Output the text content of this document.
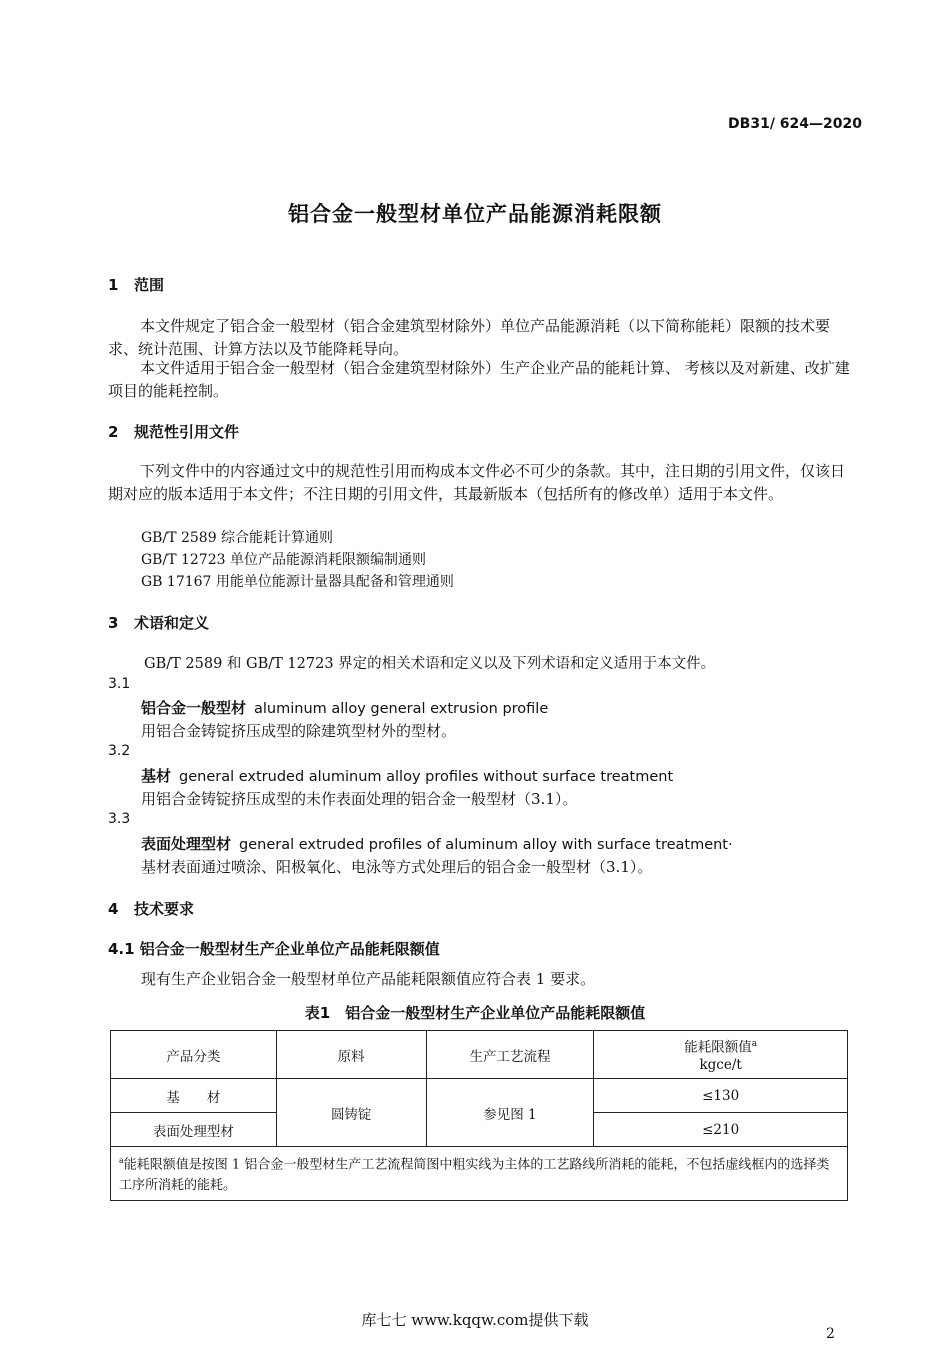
DB31/ 624—2020
铝合金一般型材单位产品能源消耗限额
1 范围

本文件规定了铝合金一般型材（铝合金建筑型材除外）单位产品能源消耗（以下简称能耗）限额的技术要求、统计范围、计算方法以及节能降耗导向。

本文件适用于铝合金一般型材（铝合金建筑型材除外）生产企业产品的能耗计算、 考核以及对新建、改扩建项目的能耗控制。

2 规范性引用文件

下列文件中的内容通过文中的规范性引用而构成本文件必不可少的条款。其中，注日期的引用文件，仅该日期对应的版本适用于本文件；不注日期的引用文件，其最新版本（包括所有的修改单）适用于本文件。

GB/T 2589 综合能耗计算通则
GB/T 12723 单位产品能源消耗限额编制通则
GB 17167 用能单位能源计量器具配备和管理通则
3 术语和定义
GB/T 2589 和 GB/T 12723 界定的相关术语和定义以及下列术语和定义适用于本文件。
3.1
铝合金一般型材 aluminum alloy general extrusion profile
用铝合金铸锭挤压成型的除建筑型材外的型材。
3.2
基材 general extruded aluminum alloy profiles without surface treatment
用铝合金铸锭挤压成型的未作表面处理的铝合金一般型材（3.1）。
3.3
表面处理型材 general extruded profiles of aluminum alloy with surface treatment·
基材表面通过喷涂、阳极氧化、电泳等方式处理后的铝合金一般型材（3.1）。
4 技术要求
4.1 铝合金一般型材生产企业单位产品能耗限额值
现有生产企业铝合金一般型材单位产品能耗限额值应符合表 1 要求。
表1　铝合金一般型材生产企业单位产品能耗限额值
产品分类	原料	生产工艺流程	能耗限额值$^a$
kgce/t

基　　材	圆铸锭	参见图 1	≤130
表面处理型材			≤210
$^a$能耗限额值是按图 1 铝合金一般型材生产工艺流程简图中粗实线为主体的工艺路线所消耗的能耗，不包括虚线框内的选择类工序所消耗的能耗。			
库七七 www.kqqw.com提供下载
2
